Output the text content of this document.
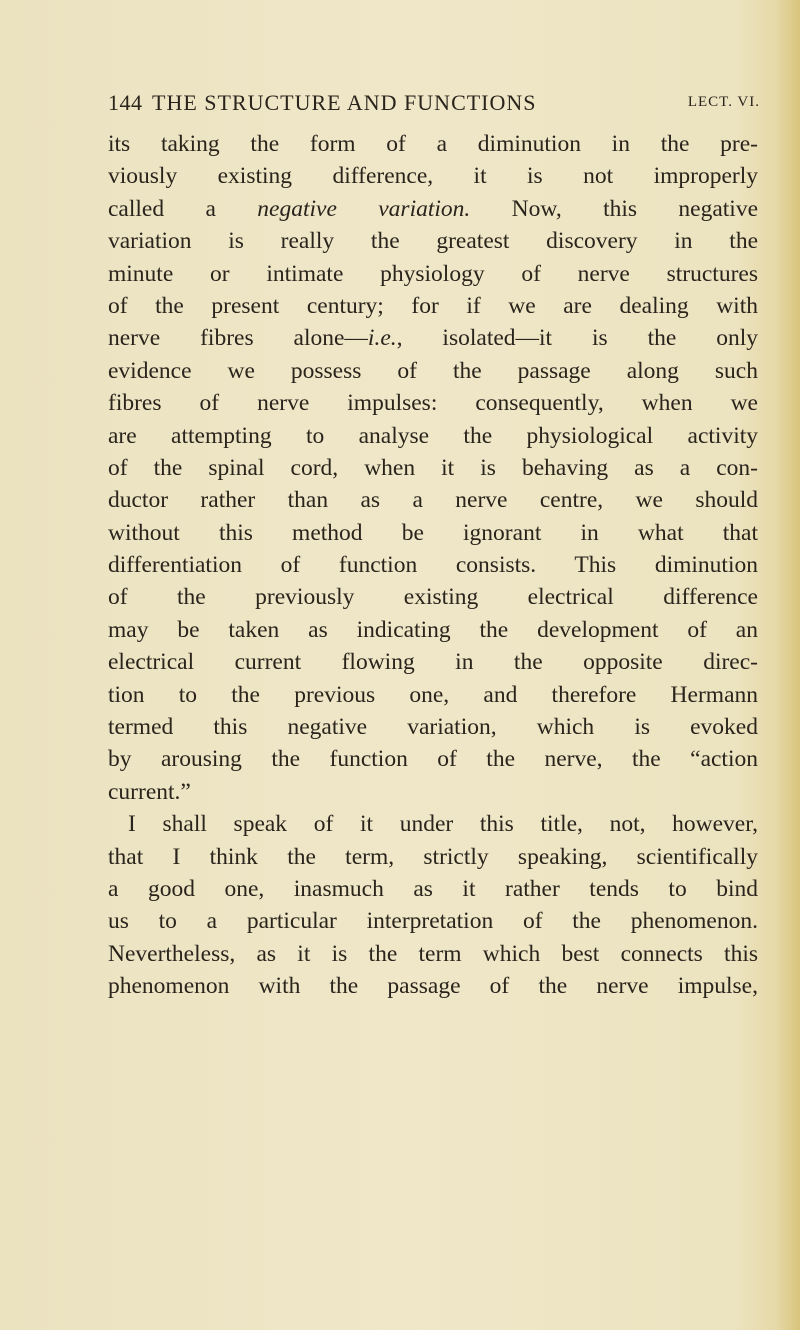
144 THE STRUCTURE AND FUNCTIONS	LECT. VI.
its taking the form of a diminution in the pre-
viously existing difference, it is not improperly
called a negative variation. Now, this negative
variation is really the greatest discovery in the
minute or intimate physiology of nerve structures
of the present century; for if we are dealing with
nerve fibres alone—i.e., isolated—it is the only
evidence we possess of the passage along such
fibres of nerve impulses: consequently, when we
are attempting to analyse the physiological activity
of the spinal cord, when it is behaving as a con-
ductor rather than as a nerve centre, we should
without this method be ignorant in what that
differentiation of function consists. This diminution
of the previously existing electrical difference
may be taken as indicating the development of an
electrical current flowing in the opposite direc-
tion to the previous one, and therefore Hermann
termed this negative variation, which is evoked
by arousing the function of the nerve, the “action
current.”
I shall speak of it under this title, not, however,
that I think the term, strictly speaking, scientifically
a good one, inasmuch as it rather tends to bind
us to a particular interpretation of the phenomenon.
Nevertheless, as it is the term which best connects this
phenomenon with the passage of the nerve impulse,
